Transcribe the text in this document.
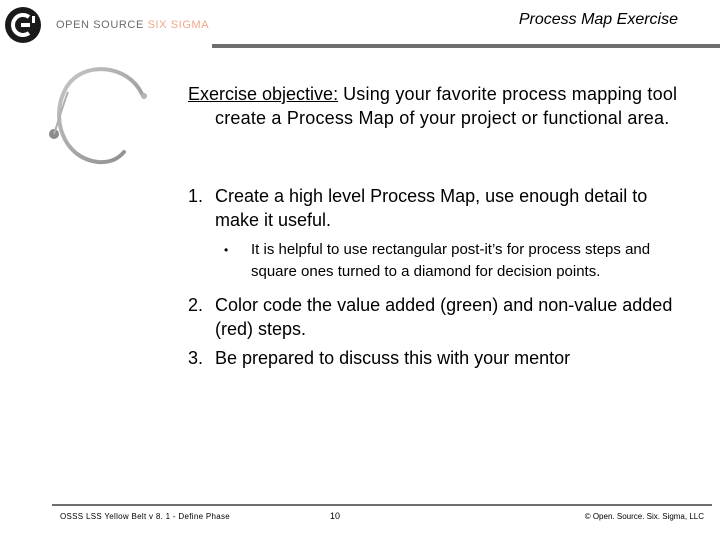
OPEN SOURCE SIX SIGMA	Process Map Exercise
Exercise objective: Using your favorite process mapping tool create a Process Map of your project or functional area.
1. Create a high level Process Map, use enough detail to make it useful.
•	It is helpful to use rectangular post-it’s for process steps and square ones turned to a diamond for decision points.
2. Color code the value added (green) and non-value added (red) steps.
3. Be prepared to discuss this with your mentor
OSSS LSS Yellow Belt v 8. 1 - Define Phase	10	© Open. Source. Six. Sigma, LLC
